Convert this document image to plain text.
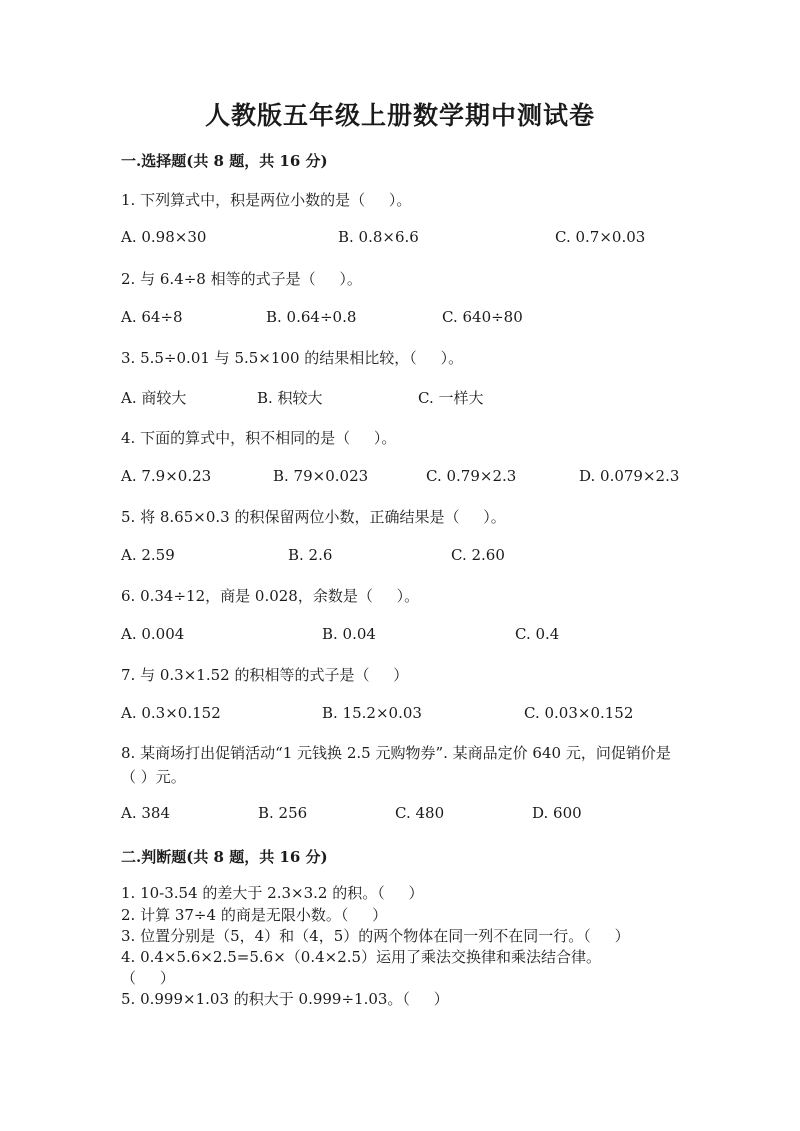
人教版五年级上册数学期中测试卷
一.选择题(共 8 题，共 16 分)
1. 下列算式中，积是两位小数的是（     ）。
A. 0.98×30	B. 0.8×6.6	C. 0.7×0.03
2. 与 6.4÷8 相等的式子是（     ）。
A. 64÷8	B. 0.64÷0.8	C. 640÷80
3. 5.5÷0.01 与 5.5×100 的结果相比较，（     ）。
A. 商较大	B. 积较大	C. 一样大
4. 下面的算式中，积不相同的是（     ）。
A. 7.9×0.23	B. 79×0.023	C. 0.79×2.3	D. 0.079×2.3
5. 将 8.65×0.3 的积保留两位小数，正确结果是（     ）。
A. 2.59	B. 2.6	C. 2.60
6. 0.34÷12，商是 0.028，余数是（     ）。
A. 0.004	B. 0.04	C. 0.4
7. 与 0.3×1.52 的积相等的式子是（     ）
A. 0.3×0.152	B. 15.2×0.03	C. 0.03×0.152
8. 某商场打出促销活动“1 元钱换 2.5 元购物券”. 某商品定价 640 元，问促销价是（ ）元。
A. 384	B. 256	C. 480	D. 600
二.判断题(共 8 题，共 16 分)
1. 10-3.54 的差大于 2.3×3.2 的积。（     ）
2. 计算 37÷4 的商是无限小数。（     ）
3. 位置分别是（5，4）和（4，5）的两个物体在同一列不在同一行。（     ）
4. 0.4×5.6×2.5=5.6×（0.4×2.5）运用了乘法交换律和乘法结合律。
（     ）
5. 0.999×1.03 的积大于 0.999÷1.03。（     ）
